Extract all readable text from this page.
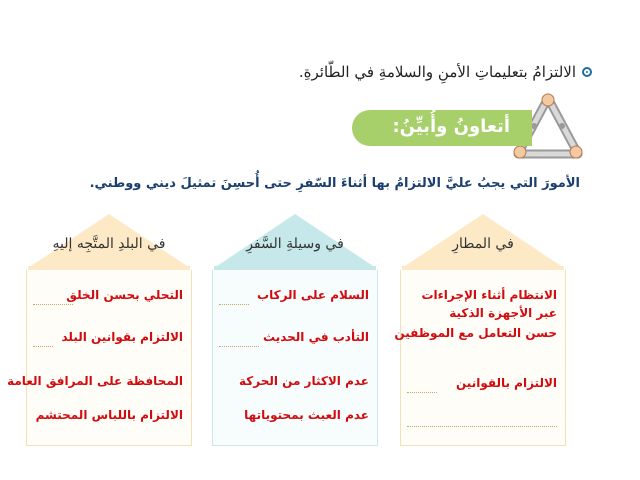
الالتزامُ بتعليماتِ الأمنِ والسلامةِ في الطّائرةِ.
أتعاونُ وأُبيِّنُ:
الأمورَ التي يجبُ عليَّ الالتزامُ بها أثناءَ السّفرِ حتى أُحسِنَ تمثيلَ ديني ووطني.
في المطارِ
الانتظام أثناء الإجراءات
عبر الأجهزة الذكية
حسن التعامل مع الموظفين
الالتزام بالقوانين
في وسيلةِ السَّفرِ
السلام على الركاب
التأدب في الحديث
عدم الاكثار من الحركة
عدم العبث بمحتوياتها
في البلدِ المتَّجِه إليهِ
التحلي بحسن الخلق
الالتزام بقوانين البلد
المحافظة على المرافق العامة
الالتزام باللباس المحتشم
